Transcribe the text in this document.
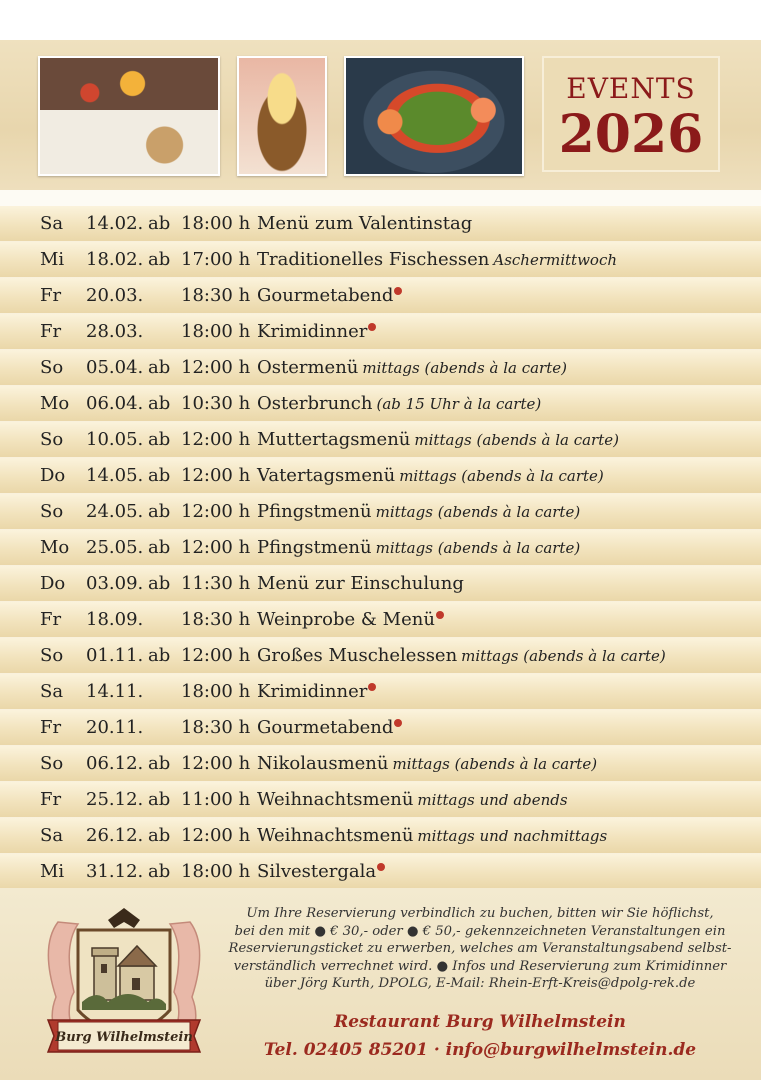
EVENTS
2026
Sa 14.02. ab 18:00 h Menü zum Valentinstag
Mi 18.02. ab 17:00 h Traditionelles Fischessen Aschermittwoch
Fr 20.03. 18:30 h Gourmetabend
Fr 28.03. 18:00 h Krimidinner
So 05.04. ab 12:00 h Ostermenü mittags (abends à la carte)
Mo 06.04. ab 10:30 h Osterbrunch (ab 15 Uhr à la carte)
So 10.05. ab 12:00 h Muttertagsmenü mittags (abends à la carte)
Do 14.05. ab 12:00 h Vatertagsmenü mittags (abends à la carte)
So 24.05. ab 12:00 h Pfingstmenü mittags (abends à la carte)
Mo 25.05. ab 12:00 h Pfingstmenü mittags (abends à la carte)
Do 03.09. ab 11:30 h Menü zur Einschulung
Fr 18.09. 18:30 h Weinprobe & Menü
So 01.11. ab 12:00 h Großes Muschelessen mittags (abends à la carte)
Sa 14.11. 18:00 h Krimidinner
Fr 20.11. 18:30 h Gourmetabend
So 06.12. ab 12:00 h Nikolausmenü mittags (abends à la carte)
Fr 25.12. ab 11:00 h Weihnachtsmenü mittags und abends
Sa 26.12. ab 12:00 h Weihnachtsmenü mittags und nachmittags
Mi 31.12. ab 18:00 h Silvestergala
Burg Wilhelmstein
Um Ihre Reservierung verbindlich zu buchen, bitten wir Sie höflichst,
bei den mit ● € 30,- oder ● € 50,- gekennzeichneten Veranstaltungen ein
Reservierungsticket zu erwerben, welches am Veranstaltungsabend selbst-
verständlich verrechnet wird. ● Infos und Reservierung zum Krimidinner
über Jörg Kurth, DPOLG, E-Mail: Rhein-Erft-Kreis@dpolg-rek.de
Restaurant Burg Wilhelmstein
Tel. 02405 85201 · info@burgwilhelmstein.de
